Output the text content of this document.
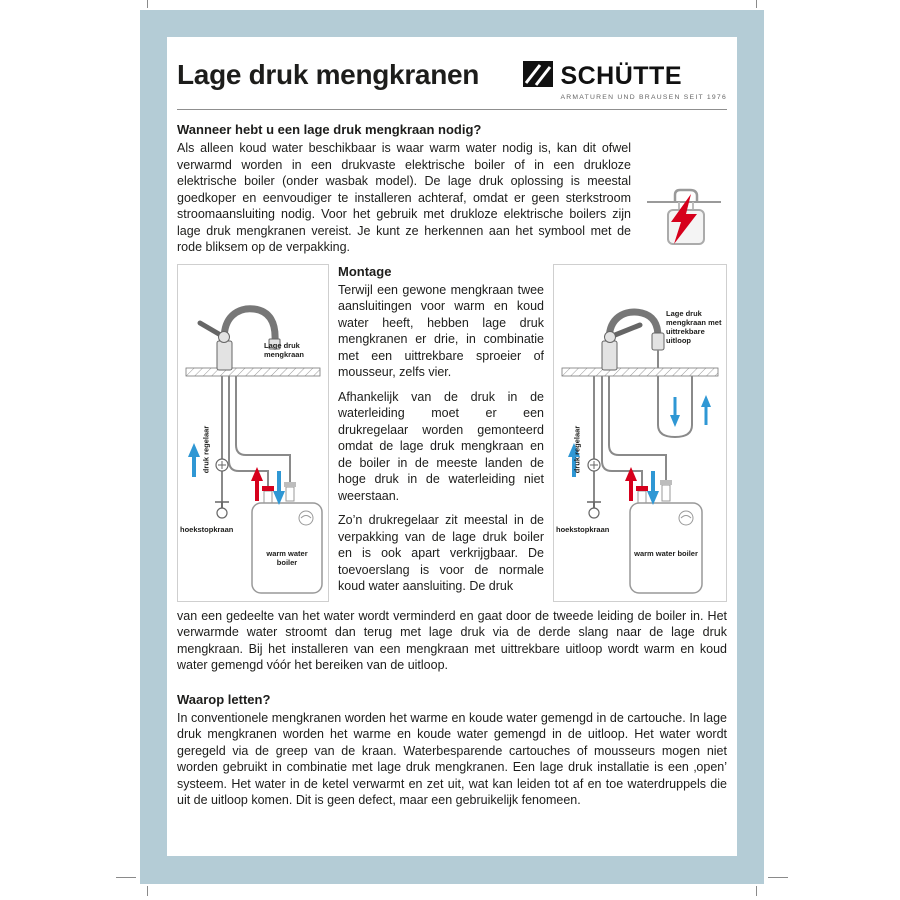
Lage druk mengkranen	SCHÜTTE
ARMATUREN UND BRAUSEN SEIT 1976
Wanneer hebt u een lage druk mengkraan nodig?
Als alleen koud water beschikbaar is waar warm water nodig is, kan dit ofwel verwarmd worden in een drukvaste elektrische boiler of in een drukloze elektrische boiler (onder wasbak model). De lage druk oplossing is meestal goedkoper en eenvoudiger te installeren achteraf, omdat er geen sterkstroom stroomaansluiting nodig. Voor het gebruik met drukloze elektrische boilers zijn lage druk mengkranen vereist. Je kunt ze herkennen aan het symbool met de rode bliksem op de verpakking.
Lage druk mengkraan
druk regelaar
hoekstopkraan
warm water boiler
Montage

Terwijl een gewone mengkraan twee aansluitingen voor warm en koud water heeft, hebben lage druk mengkranen er drie, in combinatie met een uittrekbare sproeier of mousseur, zelfs vier.

Afhankelijk van de druk in de waterleiding moet er een drukregelaar worden gemonteerd omdat de lage druk mengkraan en de boiler in de meeste landen de hoge druk in de waterleiding niet weerstaan.

Zo’n drukregelaar zit meestal in de verpakking van de lage druk boiler en is ook apart verkrijgbaar. De toevoerslang is voor de normale koud water aansluiting. De druk

Lage druk mengkraan met uittrekbare uitloop
druk regelaar
hoekstopkraan
warm water boiler
van een gedeelte van het water wordt verminderd en gaat door de tweede leiding de boiler in. Het verwarmde water stroomt dan terug met lage druk via de derde slang naar de lage druk mengkraan. Bij het installeren van een mengkraan met uittrekbare uitloop wordt warm en koud water gemengd vóór het bereiken van de uitloop.
Waarop letten?
In conventionele mengkranen worden het warme en koude water gemengd in de cartouche. In lage druk mengkranen worden het warme en koude water gemengd in de uitloop. Het water wordt geregeld via de greep van de kraan. Waterbesparende cartouches of mousseurs mogen niet worden gebruikt in combinatie met lage druk mengkranen. Een lage druk installatie is een ‚open’ systeem. Het water in de ketel verwarmt en zet uit, wat kan leiden tot af en toe waterdruppels die uit de uitloop komen. Dit is geen defect, maar een gebruikelijk fenomeen.
